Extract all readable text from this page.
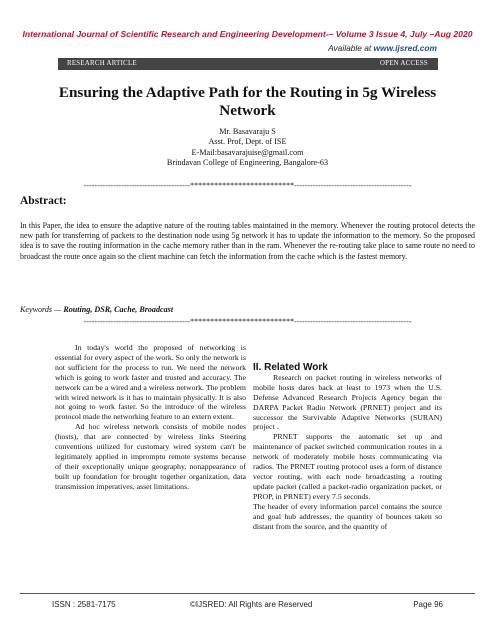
International Journal of Scientific Research and Engineering Development-– Volume 3 Issue 4, July –Aug 2020
Available at www.ijsred.com
RESEARCH ARTICLE	OPEN ACCESS
Ensuring the Adaptive Path for the Routing in 5g Wireless Network
Mr. Basavaraju S
Asst. Prof, Dept. of ISE
E-Mail:basavarajuise@gmail.com
Brindavan College of Engineering, Bangalore-63
----------------------------------------**************************--------------------------------------------
Abstract:

In this Paper, the idea to ensure the adaptive nature of the routing tables maintained in the memory. Whenever the routing protocol detects the new path for transferring of packets to the destination node using 5g network it has to update the information to the memory. So the proposed idea is to save the routing information in the cache memory rather than in the ram. Whenever the re-routing take place to same route no need to broadcast the route once again so the client machine can fetch the information from the cache which is the fastest memory.

Keywords — Routing, DSR, Cache, Broadcast
----------------------------------------**************************--------------------------------------------

In today's world the proposed of networking is essential for every aspect of the work. So only the network is not sufficient for the process to run. We need the network which is going to work faster and trusted and accuracy. The network can be a wired and a wireless network. The problem with wired network is it has to maintain physically. It is also not going to work faster. So the introduce of the wireless protocol made the networking feature to an extern extent.

Ad hoc wireless network consists of mobile nodes (hosts), that are connected by wireless links Steering conventions utilized for customary wired system can't be legitimately applied in impromptu remote systems because of their exceptionally unique geography, nonappearance of built up foundation for brought together organization, data transmission imperatives, asset limitations.

II. Related Work

Research on packet routing in wireless networks of mobile hosts dates back at least to 1973 when the U.S. Defense Advanced Research Projects Agency began the DARPA Packet Radio Network (PRNET) project and its successor the Survivable Adaptive Networks (SURAN) project .

PRNET supports the automatic set up and maintenance of packet switched communication routes in a network of moderately mobile hosts communicating via radios. The PRNET routing protocol uses a form of distance vector routing, with each node broadcasting a routing update packet (called a packet-radio organization packet, or PROP, in PRNET) every 7.5 seconds.

The header of every information parcel contains the source and goal hub addresses, the quantity of bounces taken so distant from the source, and the quantity of

ISSN : 2581-7175	©IJSRED: All Rights are Reserved	Page 96
